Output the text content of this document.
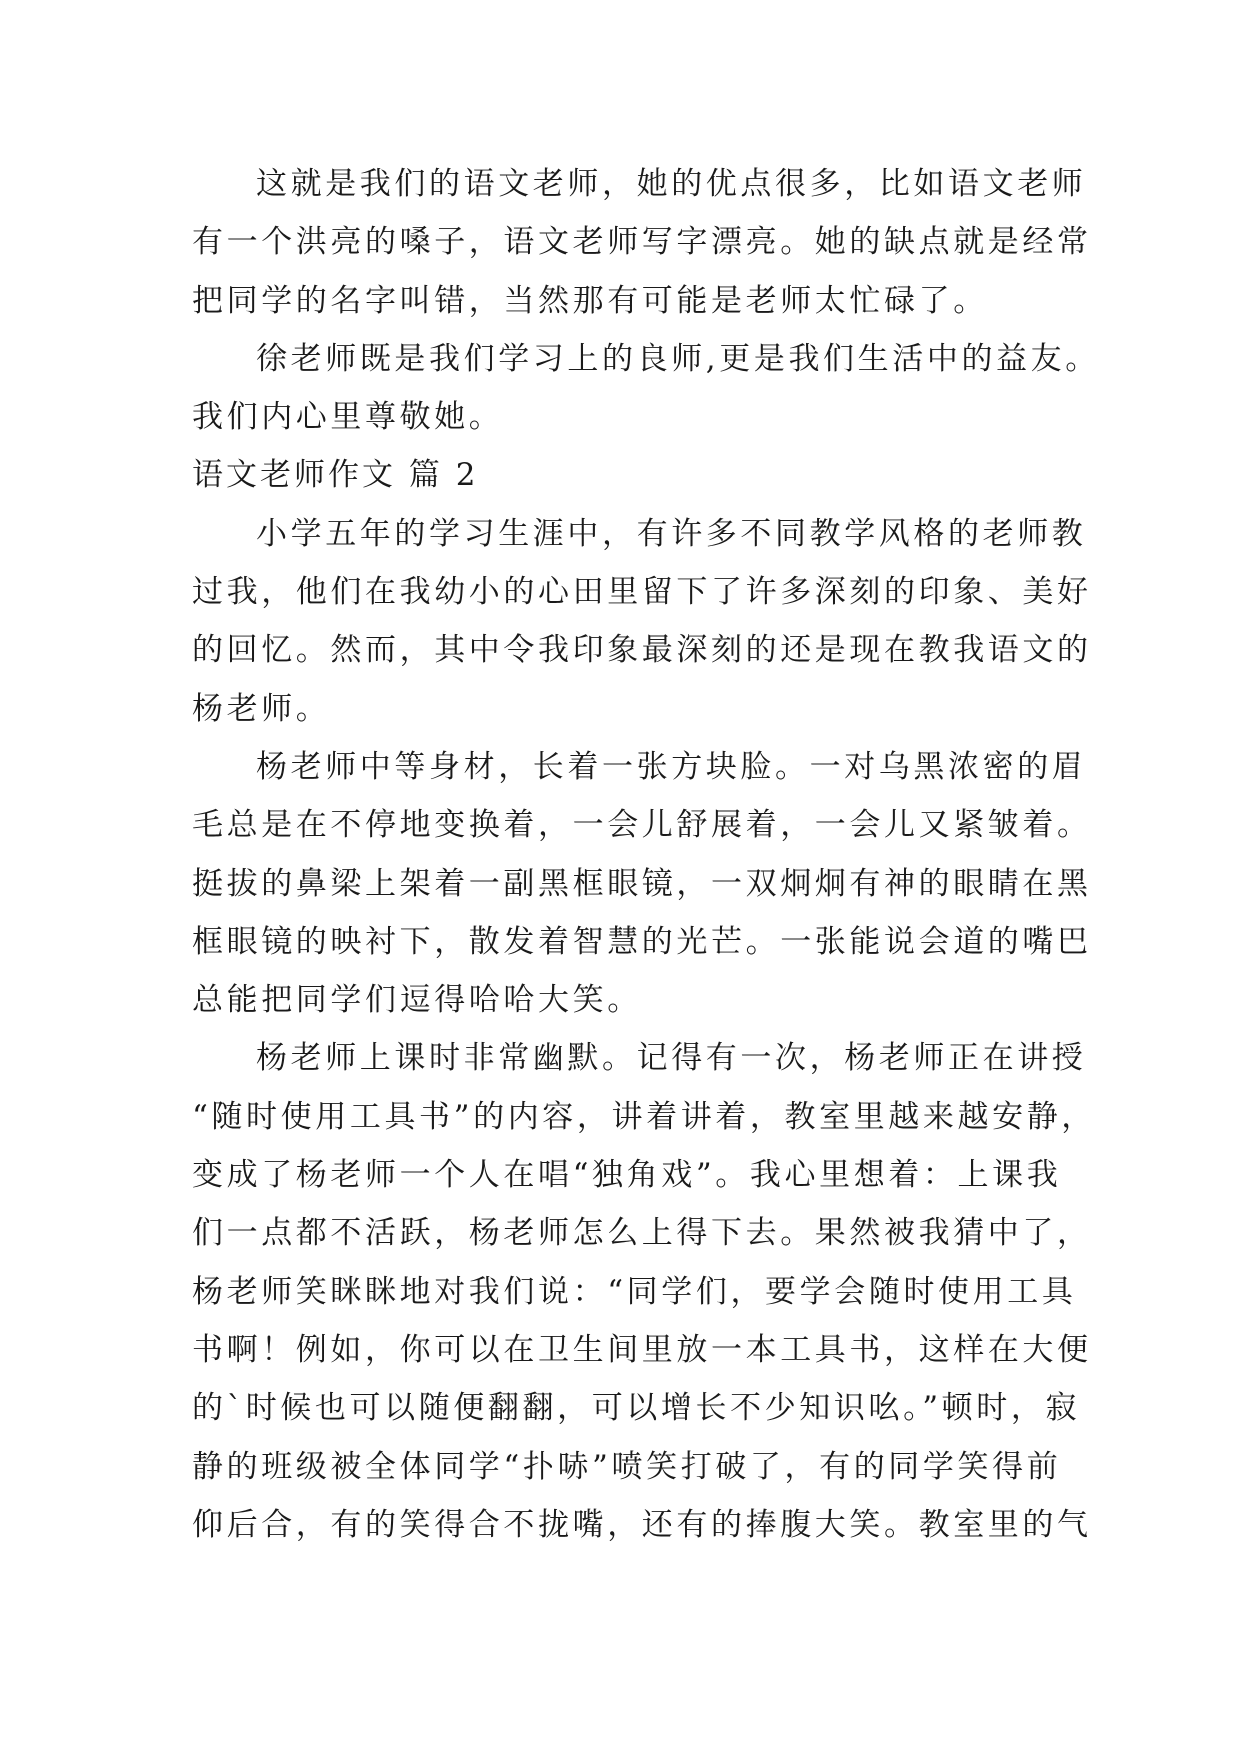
这就是我们的语文老师，她的优点很多，比如语文老师
有一个洪亮的嗓子，语文老师写字漂亮。她的缺点就是经常
把同学的名字叫错，当然那有可能是老师太忙碌了。
徐老师既是我们学习上的良师,更是我们生活中的益友。
我们内心里尊敬她。
语文老师作文 篇 2
小学五年的学习生涯中，有许多不同教学风格的老师教
过我，他们在我幼小的心田里留下了许多深刻的印象、美好
的回忆。然而，其中令我印象最深刻的还是现在教我语文的
杨老师。
杨老师中等身材，长着一张方块脸。一对乌黑浓密的眉
毛总是在不停地变换着，一会儿舒展着，一会儿又紧皱着。
挺拔的鼻梁上架着一副黑框眼镜，一双炯炯有神的眼睛在黑
框眼镜的映衬下，散发着智慧的光芒。一张能说会道的嘴巴
总能把同学们逗得哈哈大笑。
杨老师上课时非常幽默。记得有一次，杨老师正在讲授
“随时使用工具书”的内容，讲着讲着，教室里越来越安静，
变成了杨老师一个人在唱“独角戏”。我心里想着：上课我
们一点都不活跃，杨老师怎么上得下去。果然被我猜中了，
杨老师笑眯眯地对我们说：“同学们，要学会随时使用工具
书啊！例如，你可以在卫生间里放一本工具书，这样在大便
的`时候也可以随便翻翻，可以增长不少知识吆。”顿时，寂
静的班级被全体同学“扑哧”喷笑打破了，有的同学笑得前
仰后合，有的笑得合不拢嘴，还有的捧腹大笑。教室里的气
